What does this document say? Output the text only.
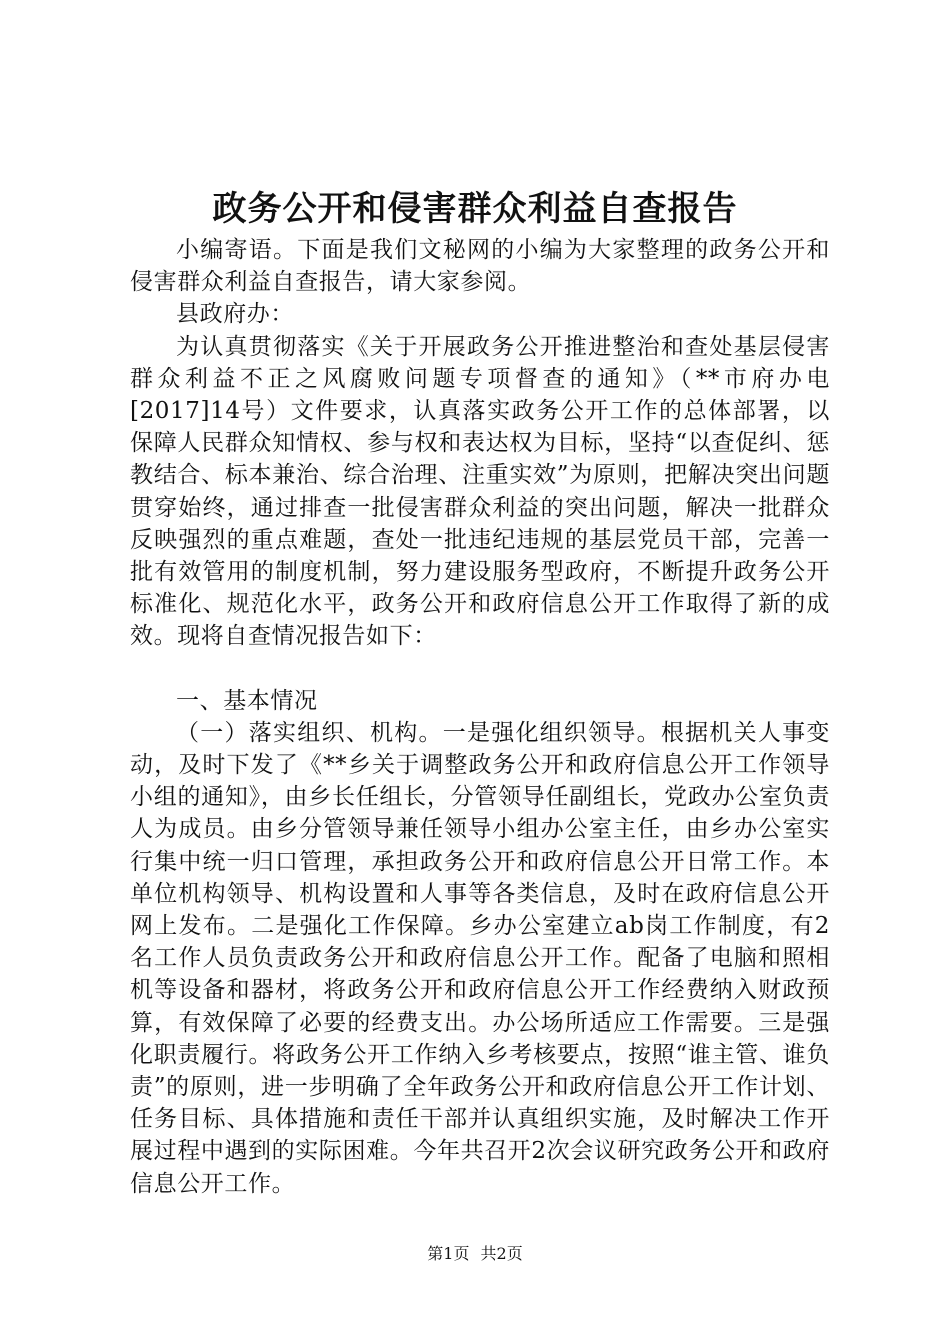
政务公开和侵害群众利益自查报告

小编寄语。下面是我们文秘网的小编为大家整理的政务公开和侵害群众利益自查报告，请大家参阅。

县政府办：

为认真贯彻落实《关于开展政务公开推进整治和查处基层侵害群众利益不正之风腐败问题专项督查的通知》（**市府办电[2017]14号）文件要求，认真落实政务公开工作的总体部署，以保障人民群众知情权、参与权和表达权为目标，坚持“以查促纠、惩教结合、标本兼治、综合治理、注重实效”为原则，把解决突出问题贯穿始终，通过排查一批侵害群众利益的突出问题，解决一批群众反映强烈的重点难题，查处一批违纪违规的基层党员干部，完善一批有效管用的制度机制，努力建设服务型政府，不断提升政务公开标准化、规范化水平，政务公开和政府信息公开工作取得了新的成效。现将自查情况报告如下：

一、基本情况

（一）落实组织、机构。一是强化组织领导。根据机关人事变动，及时下发了《**乡关于调整政务公开和政府信息公开工作领导小组的通知》，由乡长任组长，分管领导任副组长，党政办公室负责人为成员。由乡分管领导兼任领导小组办公室主任，由乡办公室实行集中统一归口管理，承担政务公开和政府信息公开日常工作。本单位机构领导、机构设置和人事等各类信息，及时在政府信息公开网上发布。二是强化工作保障。乡办公室建立ab岗工作制度，有2名工作人员负责政务公开和政府信息公开工作。配备了电脑和照相机等设备和器材，将政务公开和政府信息公开工作经费纳入财政预算，有效保障了必要的经费支出。办公场所适应工作需要。三是强化职责履行。将政务公开工作纳入乡考核要点，按照“谁主管、谁负责”的原则，进一步明确了全年政务公开和政府信息公开工作计划、任务目标、具体措施和责任干部并认真组织实施，及时解决工作开展过程中遇到的实际困难。今年共召开2次会议研究政务公开和政府信息公开工作。

第1页 共2页
